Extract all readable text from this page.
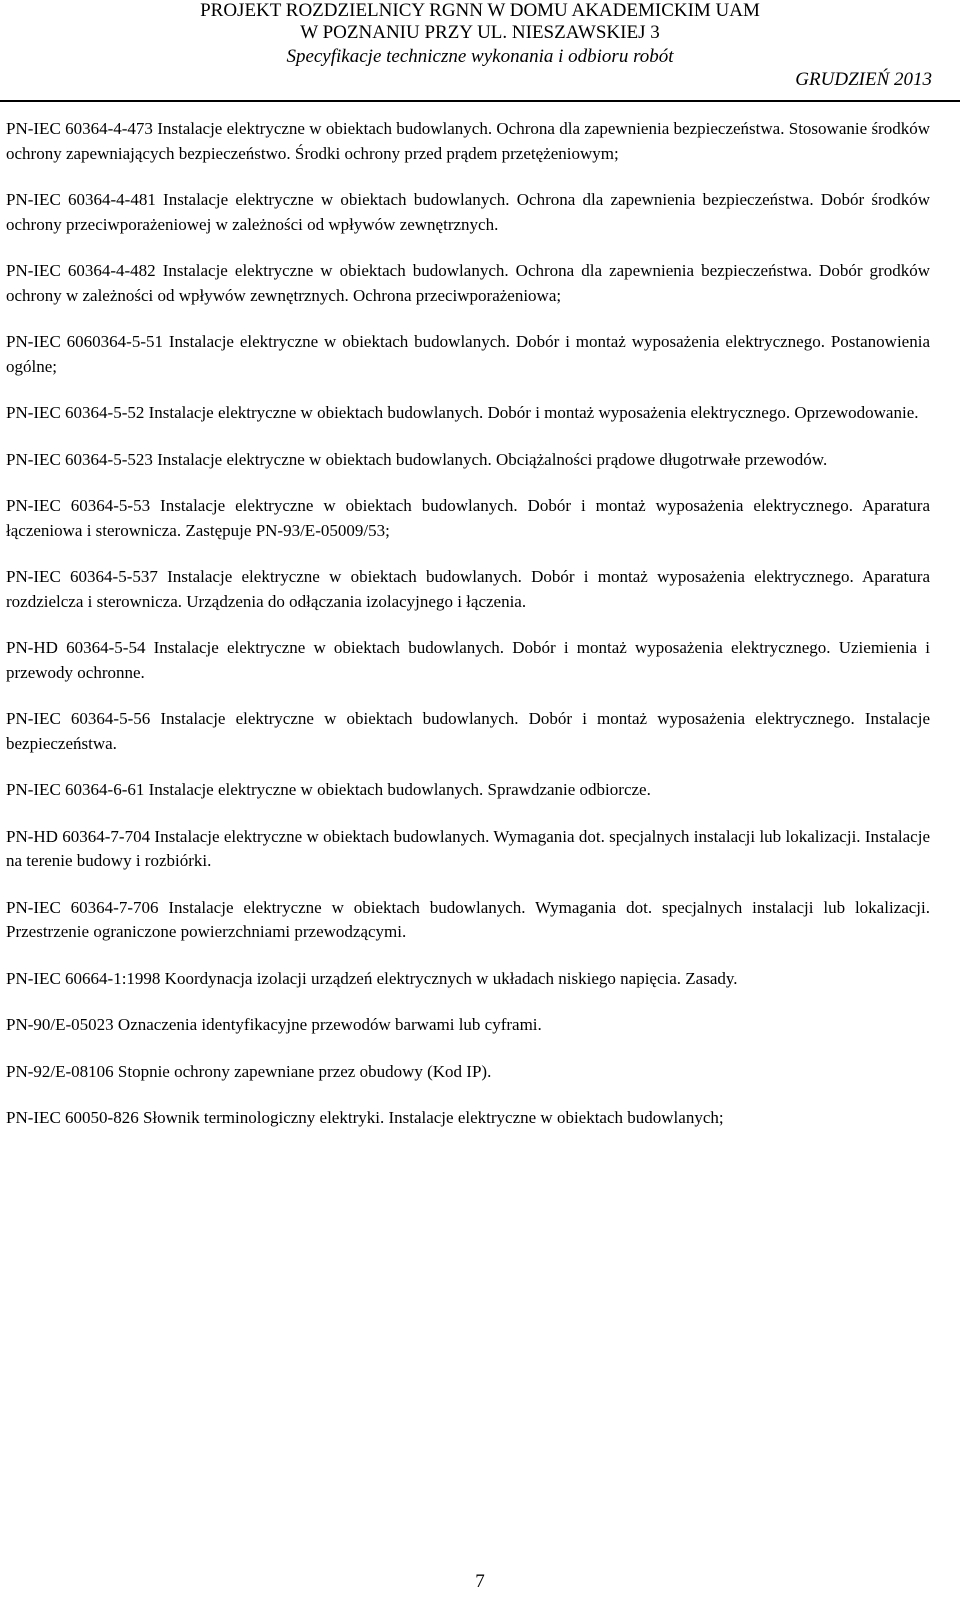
PROJEKT ROZDZIELNICY RGNN W DOMU AKADEMICKIM UAM
W POZNANIU PRZY UL. NIESZAWSKIEJ 3
Specyfikacje techniczne wykonania i odbioru robót
GRUDZIEŃ 2013

PN-IEC 60364-4-473 Instalacje elektryczne w obiektach budowlanych. Ochrona dla zapewnienia bezpieczeństwa. Stosowanie środków ochrony zapewniających bezpieczeństwo. Środki ochrony przed prądem przetężeniowym;

PN-IEC 60364-4-481 Instalacje elektryczne w obiektach budowlanych. Ochrona dla zapewnienia bezpieczeństwa. Dobór środków ochrony przeciwporażeniowej w zależności od wpływów zewnętrznych.

PN-IEC 60364-4-482 Instalacje elektryczne w obiektach budowlanych. Ochrona dla zapewnienia bezpieczeństwa. Dobór grodków ochrony w zależności od wpływów zewnętrznych. Ochrona przeciwporażeniowa;

PN-IEC 6060364-5-51 Instalacje elektryczne w obiektach budowlanych. Dobór i montaż wyposażenia elektrycznego. Postanowienia ogólne;

PN-IEC 60364-5-52 Instalacje elektryczne w obiektach budowlanych. Dobór i montaż wyposażenia elektrycznego. Oprzewodowanie.

PN-IEC 60364-5-523 Instalacje elektryczne w obiektach budowlanych. Obciążalności prądowe długotrwałe przewodów.

PN-IEC 60364-5-53 Instalacje elektryczne w obiektach budowlanych. Dobór i montaż wyposażenia elektrycznego. Aparatura łączeniowa i sterownicza. Zastępuje PN-93/E-05009/53;

PN-IEC 60364-5-537 Instalacje elektryczne w obiektach budowlanych. Dobór i montaż wyposażenia elektrycznego. Aparatura rozdzielcza i sterownicza. Urządzenia do odłączania izolacyjnego i łączenia.

PN-HD 60364-5-54 Instalacje elektryczne w obiektach budowlanych. Dobór i montaż wyposażenia elektrycznego. Uziemienia i przewody ochronne.

PN-IEC 60364-5-56 Instalacje elektryczne w obiektach budowlanych. Dobór i montaż wyposażenia elektrycznego. Instalacje bezpieczeństwa.

PN-IEC 60364-6-61 Instalacje elektryczne w obiektach budowlanych. Sprawdzanie odbiorcze.

PN-HD 60364-7-704 Instalacje elektryczne w obiektach budowlanych. Wymagania dot. specjalnych instalacji lub lokalizacji. Instalacje na terenie budowy i rozbiórki.

PN-IEC 60364-7-706 Instalacje elektryczne w obiektach budowlanych. Wymagania dot. specjalnych instalacji lub lokalizacji. Przestrzenie ograniczone powierzchniami przewodzącymi.

PN-IEC 60664-1:1998 Koordynacja izolacji urządzeń elektrycznych w układach niskiego napięcia. Zasady.

PN-90/E-05023 Oznaczenia identyfikacyjne przewodów barwami lub cyframi.

PN-92/E-08106 Stopnie ochrony zapewniane przez obudowy (Kod IP).

PN-IEC 60050-826 Słownik terminologiczny elektryki. Instalacje elektryczne w obiektach budowlanych;

7
